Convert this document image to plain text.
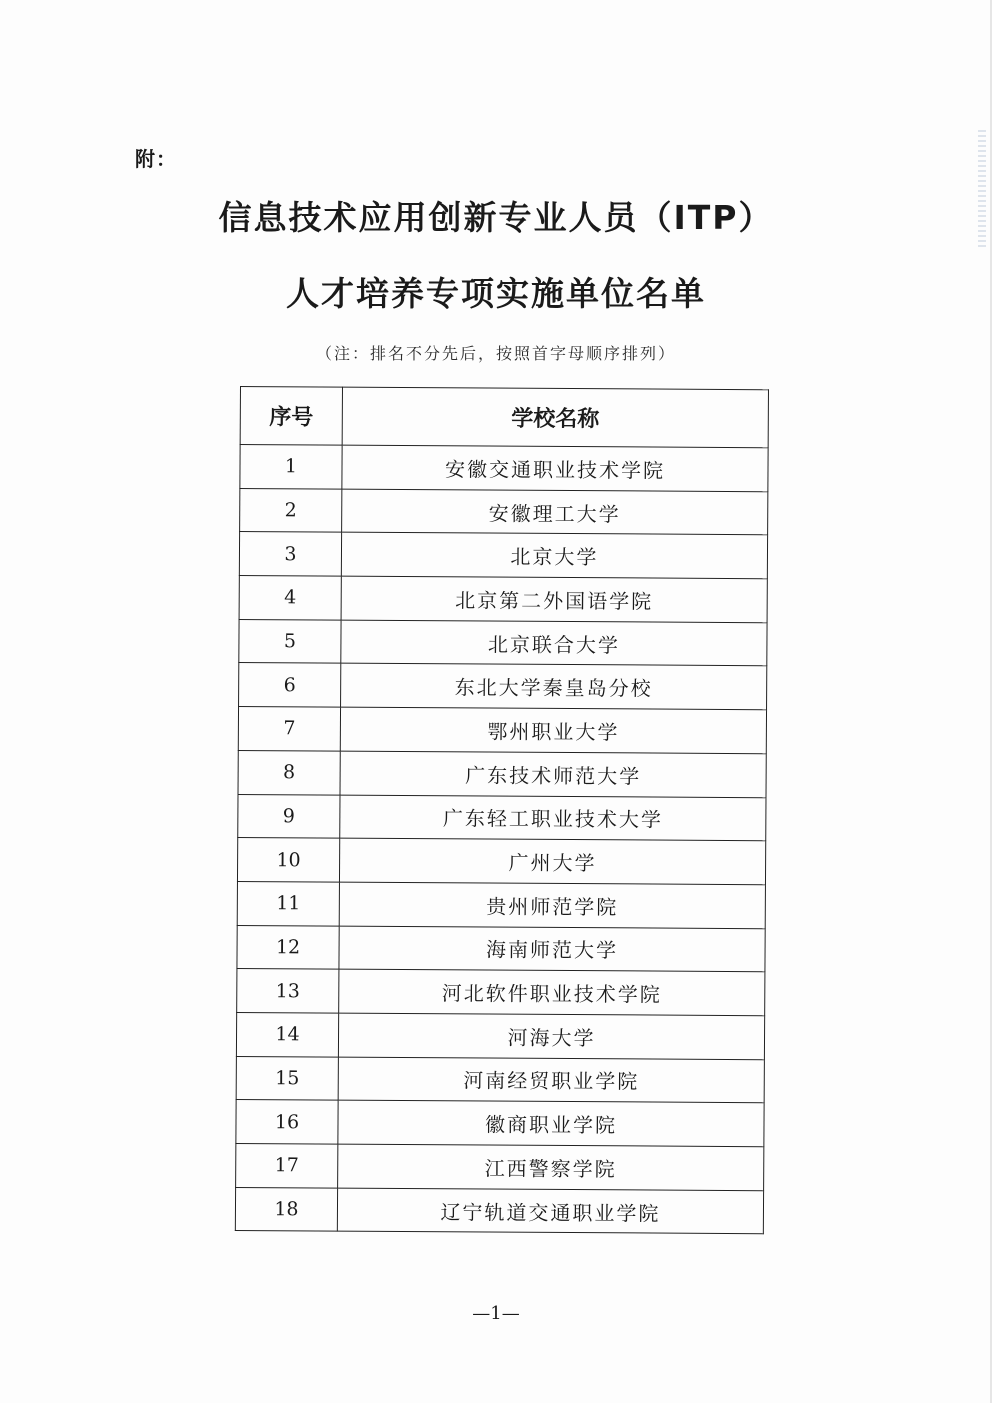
附：
信息技术应用创新专业人员（ITP）
人才培养专项实施单位名单
（注：排名不分先后，按照首字母顺序排列）
序号	学校名称
1	安徽交通职业技术学院
2	安徽理工大学
3	北京大学
4	北京第二外国语学院
5	北京联合大学
6	东北大学秦皇岛分校
7	鄂州职业大学
8	广东技术师范大学
9	广东轻工职业技术大学
10	广州大学
11	贵州师范学院
12	海南师范大学
13	河北软件职业技术学院
14	河海大学
15	河南经贸职业学院
16	徽商职业学院
17	江西警察学院
18	辽宁轨道交通职业学院
—1—
